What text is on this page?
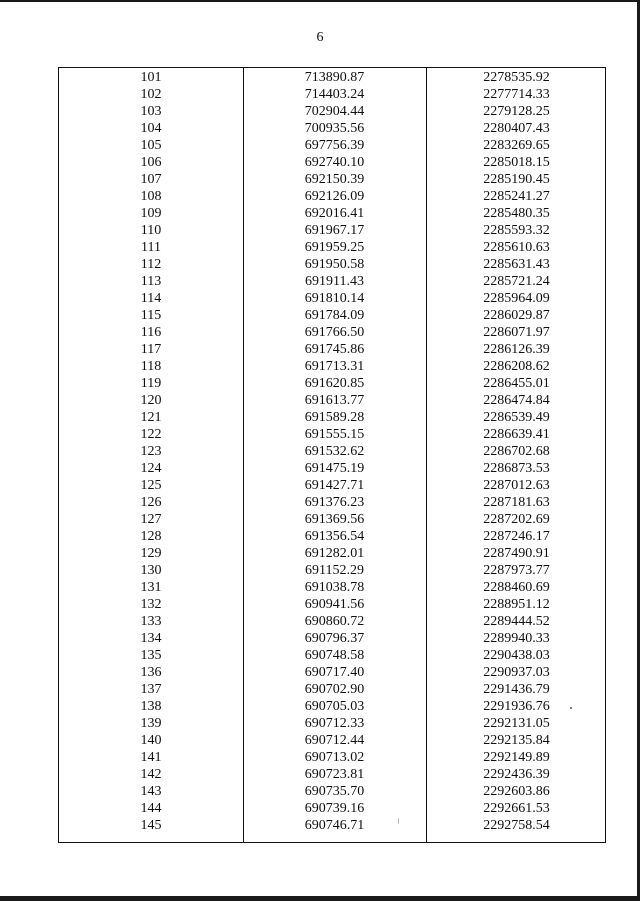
6
101	713890.87	2278535.92
102	714403.24	2277714.33
103	702904.44	2279128.25
104	700935.56	2280407.43
105	697756.39	2283269.65
106	692740.10	2285018.15
107	692150.39	2285190.45
108	692126.09	2285241.27
109	692016.41	2285480.35
110	691967.17	2285593.32
111	691959.25	2285610.63
112	691950.58	2285631.43
113	691911.43	2285721.24
114	691810.14	2285964.09
115	691784.09	2286029.87
116	691766.50	2286071.97
117	691745.86	2286126.39
118	691713.31	2286208.62
119	691620.85	2286455.01
120	691613.77	2286474.84
121	691589.28	2286539.49
122	691555.15	2286639.41
123	691532.62	2286702.68
124	691475.19	2286873.53
125	691427.71	2287012.63
126	691376.23	2287181.63
127	691369.56	2287202.69
128	691356.54	2287246.17
129	691282.01	2287490.91
130	691152.29	2287973.77
131	691038.78	2288460.69
132	690941.56	2288951.12
133	690860.72	2289444.52
134	690796.37	2289940.33
135	690748.58	2290438.03
136	690717.40	2290937.03
137	690702.90	2291436.79
138	690705.03	2291936.76
139	690712.33	2292131.05
140	690712.44	2292135.84
141	690713.02	2292149.89
142	690723.81	2292436.39
143	690735.70	2292603.86
144	690739.16	2292661.53
145	690746.71	2292758.54
